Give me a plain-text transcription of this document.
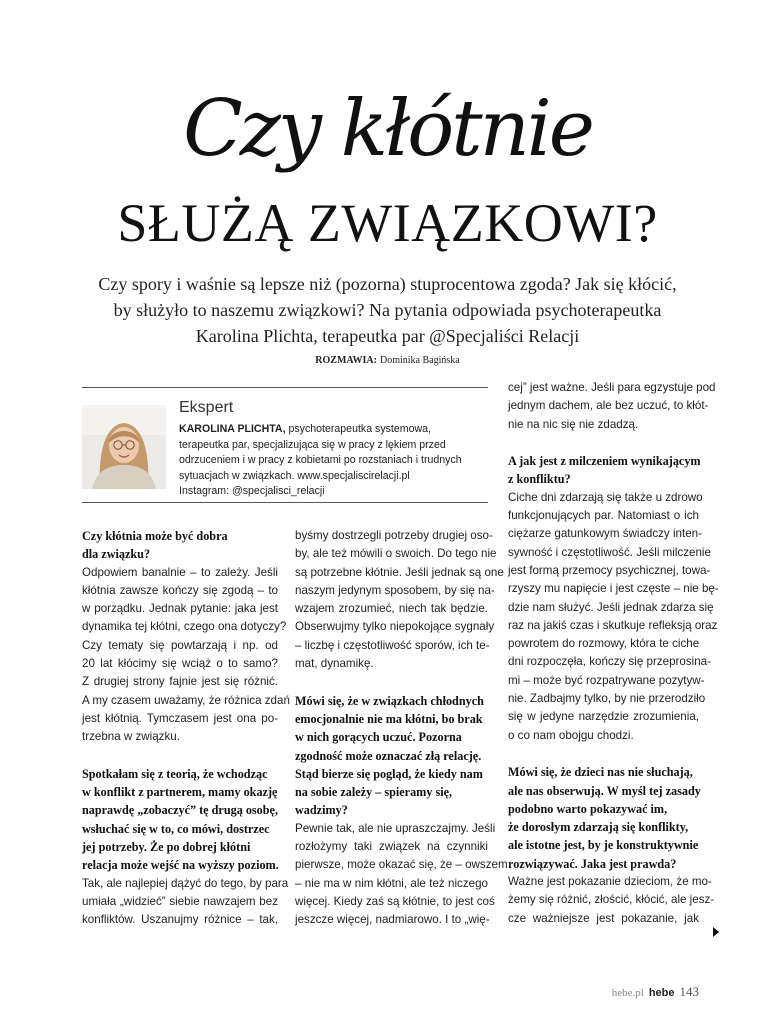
Czy kłótnie
SŁUŻĄ ZWIĄZKOWI?
Czy spory i waśnie są lepsze niż (pozorna) stuprocentowa zgoda? Jak się kłócić,
by służyło to naszemu związkowi? Na pytania odpowiada psychoterapeutka
Karolina Plichta, terapeutka par @Specjaliści Relacji
ROZMAWIA: Dominika Bagińska
Ekspert
KAROLINA PLICHTA, psychoterapeutka systemowa,
terapeutka par, specjalizująca się w pracy z lękiem przed
odrzuceniem i w pracy z kobietami po rozstaniach i trudnych
sytuacjach w związkach. www.specjaliscirelacji.pl
Instagram: @specjalisci_relacji
Czy kłótnia może być dobra
dla związku?
Odpowiem banalnie – to zależy. Jeśli
kłótnia zawsze kończy się zgodą – to
w porządku. Jednak pytanie: jaka jest
dynamika tej kłótni, czego ona dotyczy?
Czy tematy się powtarzają i np. od
20 lat kłócimy się wciąż o to samo?
Z drugiej strony fajnie jest się różnić.
A my czasem uważamy, że różnica zdań
jest kłótnią. Tymczasem jest ona po-
trzebna w związku.
Spotkałam się z teorią, że wchodząc
w konflikt z partnerem, mamy okazję
naprawdę „zobaczyć” tę drugą osobę,
wsłuchać się w to, co mówi, dostrzec
jej potrzeby. Że po dobrej kłótni
relacja może wejść na wyższy poziom.
Tak, ale najlepiej dążyć do tego, by para
umiała „widzieć” siebie nawzajem bez
konfliktów. Uszanujmy różnice – tak,
byśmy dostrzegli potrzeby drugiej oso-
by, ale też mówili o swoich. Do tego nie
są potrzebne kłótnie. Jeśli jednak są one
naszym jedynym sposobem, by się na-
wzajem zrozumieć, niech tak będzie.
Obserwujmy tylko niepokojące sygnały
– liczbę i częstotliwość sporów, ich te-
mat, dynamikę.
Mówi się, że w związkach chłodnych
emocjonalnie nie ma kłótni, bo brak
w nich gorących uczuć. Pozorna
zgodność może oznaczać złą relację.
Stąd bierze się pogląd, że kiedy nam
na sobie zależy – spieramy się,
wadzimy?
Pewnie tak, ale nie upraszczajmy. Jeśli
rozłożymy taki związek na czynniki
pierwsze, może okazać się, że – owszem
– nie ma w nim kłótni, ale też niczego
więcej. Kiedy zaś są kłótnie, to jest coś
jeszcze więcej, nadmiarowo. I to „wię-
cej” jest ważne. Jeśli para egzystuje pod
jednym dachem, ale bez uczuć, to kłót-
nie na nic się nie zdadzą.
A jak jest z milczeniem wynikającym
z konfliktu?
Ciche dni zdarzają się także u zdrowo
funkcjonujących par. Natomiast o ich
ciężarze gatunkowym świadczy inten-
sywność i częstotliwość. Jeśli milczenie
jest formą przemocy psychicznej, towa-
rzyszy mu napięcie i jest częste – nie bę-
dzie nam służyć. Jeśli jednak zdarza się
raz na jakiś czas i skutkuje refleksją oraz
powrotem do rozmowy, która te ciche
dni rozpoczęła, kończy się przeprosina-
mi – może być rozpatrywane pozytyw-
nie. Zadbajmy tylko, by nie przerodziło
się w jedyne narzędzie zrozumienia,
o co nam obojgu chodzi.
Mówi się, że dzieci nas nie słuchają,
ale nas obserwują. W myśl tej zasady
podobno warto pokazywać im,
że dorosłym zdarzają się konflikty,
ale istotne jest, by je konstruktywnie
rozwiązywać. Jaka jest prawda?
Ważne jest pokazanie dzieciom, że mo-
żemy się różnić, złościć, kłócić, ale jesz-
cze ważniejsze jest pokazanie, jak
hebe.pl hebe 143
